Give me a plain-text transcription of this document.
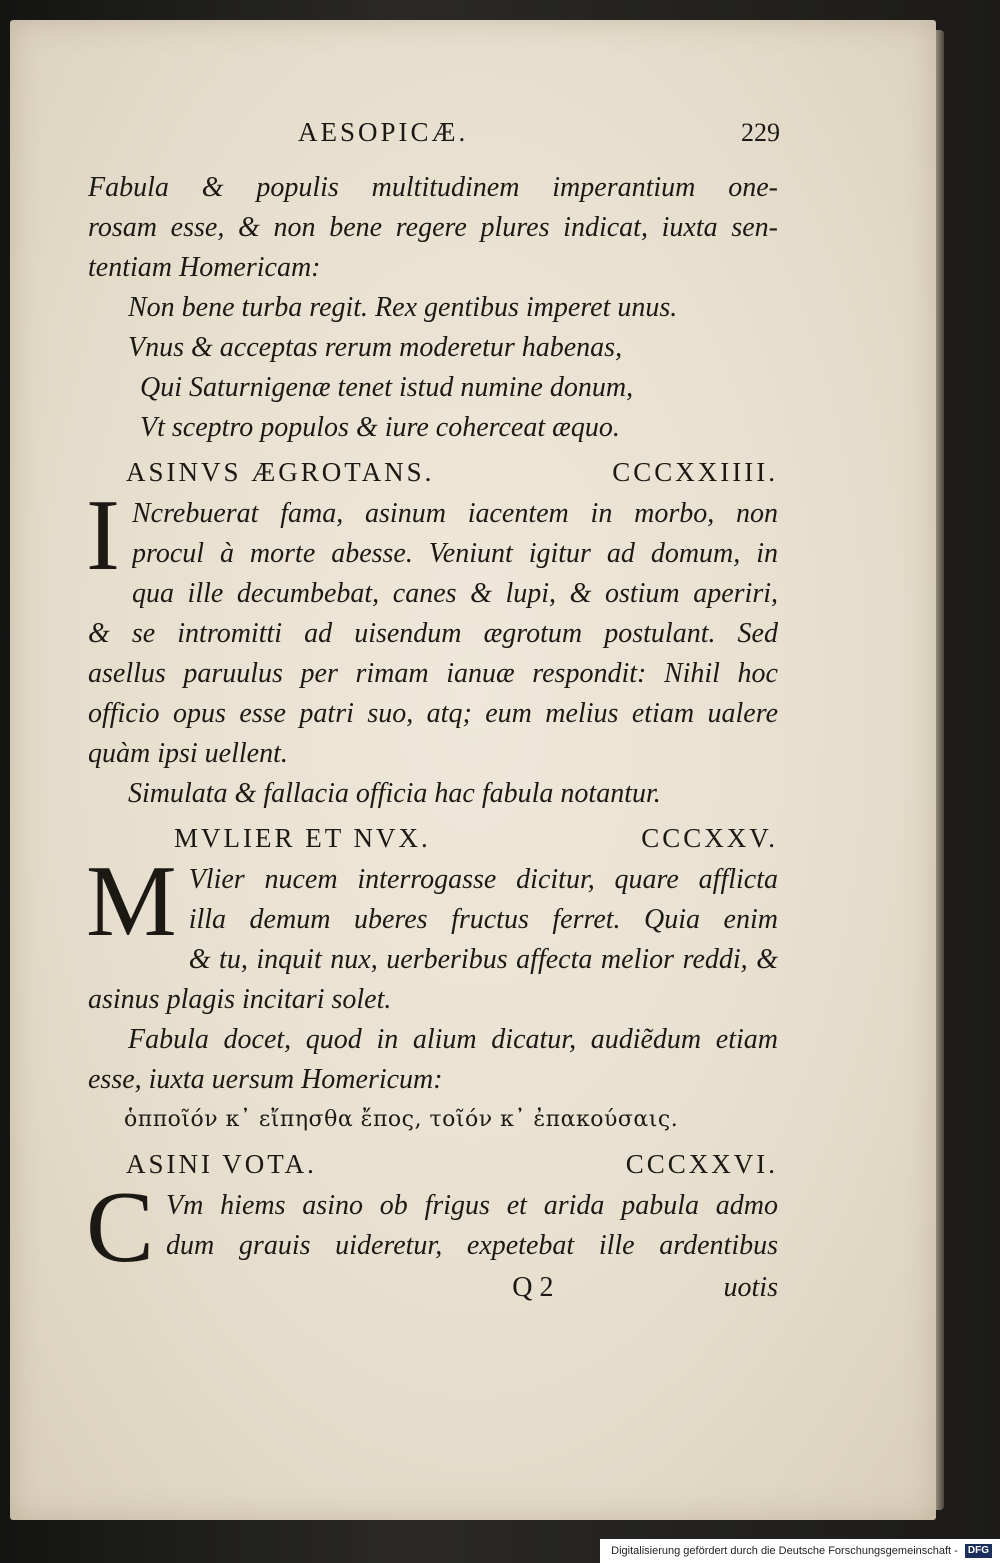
AESOPICÆ.	229
Fabula & populis multitudinem imperantium one-
rosam esse, & non bene regere plures indicat, iuxta sen-
tentiam Homericam:
Non bene turba regit. Rex gentibus imperet unus.
Vnus & acceptas rerum moderetur habenas,
Qui Saturnigenæ tenet istud numine donum,
Vt sceptro populos & iure coherceat æquo.
ASINVS ÆGROTANS.	CCCXXIIII.
I Ncrebuerat fama, asinum iacentem in morbo, non
procul à morte abesse. Veniunt igitur ad domum, in
qua ille decumbebat, canes & lupi, & ostium aperiri,
& se intromitti ad uisendum ægrotum postulant. Sed
asellus paruulus per rimam ianuæ respondit: Nihil hoc
officio opus esse patri suo, atq; eum melius etiam ualere
quàm ipsi uellent.
Simulata & fallacia officia hac fabula notantur.
MVLIER ET NVX.	CCCXXV.
M Vlier nucem interrogasse dicitur, quare afflicta
illa demum uberes fructus ferret. Quia enim
& tu, inquit nux, uerberibus affecta melior reddi, &
asinus plagis incitari solet.
Fabula docet, quod in alium dicatur, audiẽdum etiam
esse, iuxta uersum Homericum:
ὁπποῖόν κ᾽ εἴπησθα ἔπος, τοῖόν κ᾽ ἐπακούσαις.
ASINI VOTA.	CCCXXVI.
C Vm hiems asino ob frigus et arida pabula admo
dum grauis uideretur, expetebat ille ardentibus
Q 2	uotis
Digitalisierung gefördert durch die Deutsche Forschungsgemeinschaft - DFG
